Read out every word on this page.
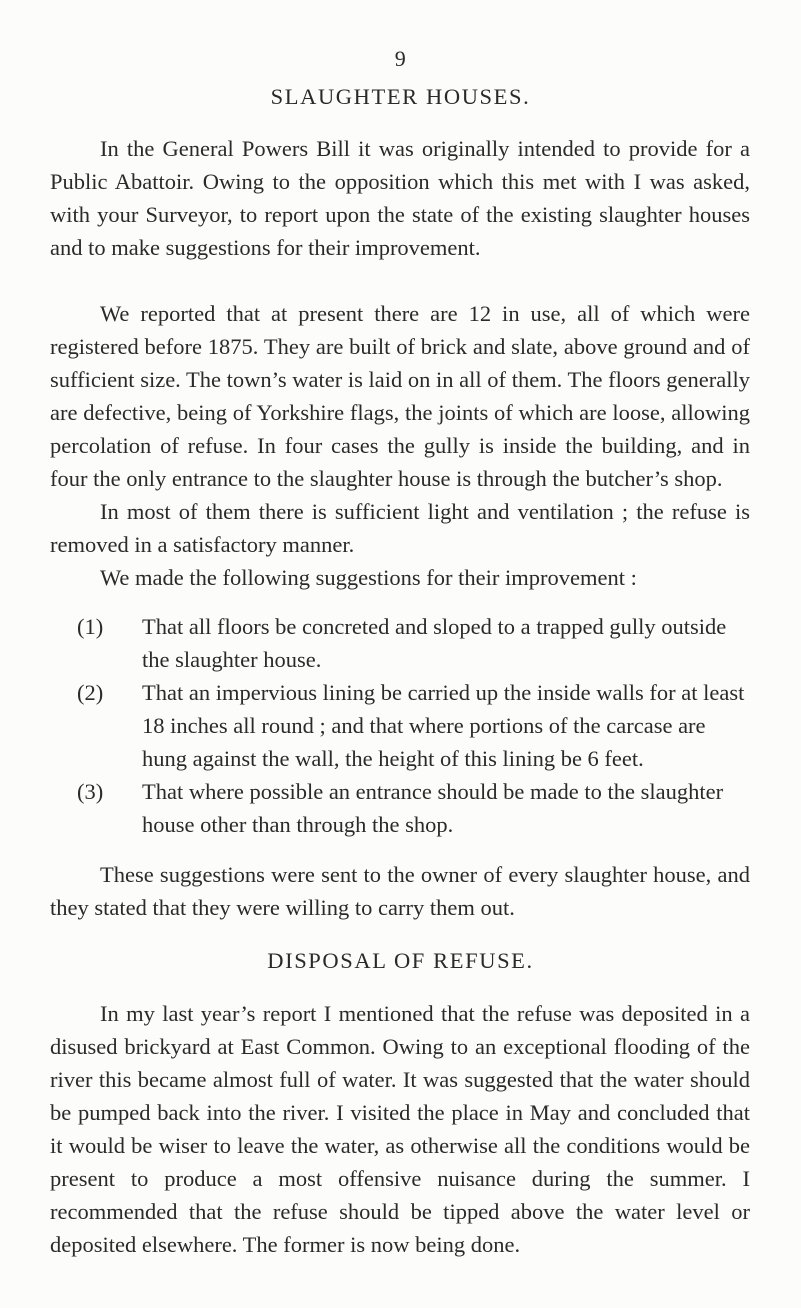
9
SLAUGHTER HOUSES.

In the General Powers Bill it was originally intended to provide for a Public Abattoir. Owing to the opposition which this met with I was asked, with your Surveyor, to report upon the state of the existing slaughter houses and to make suggestions for their improvement.

We reported that at present there are 12 in use, all of which were registered before 1875. They are built of brick and slate, above ground and of sufficient size. The town’s water is laid on in all of them. The floors generally are defective, being of Yorkshire flags, the joints of which are loose, allowing percolation of refuse. In four cases the gully is inside the building, and in four the only entrance to the slaughter house is through the butcher’s shop.

In most of them there is sufficient light and ventilation ; the refuse is removed in a satisfactory manner.

We made the following suggestions for their improvement :

(1) That all floors be concreted and sloped to a trapped gully outside the slaughter house.
(2) That an impervious lining be carried up the inside walls for at least 18 inches all round ; and that where portions of the carcase are hung against the wall, the height of this lining be 6 feet.
(3) That where possible an entrance should be made to the slaughter house other than through the shop.

These suggestions were sent to the owner of every slaughter house, and they stated that they were willing to carry them out.

DISPOSAL OF REFUSE.

In my last year’s report I mentioned that the refuse was deposited in a disused brickyard at East Common. Owing to an exceptional flooding of the river this became almost full of water. It was suggested that the water should be pumped back into the river. I visited the place in May and concluded that it would be wiser to leave the water, as otherwise all the conditions would be present to produce a most offensive nuisance during the summer. I recommended that the refuse should be tipped above the water level or deposited elsewhere. The former is now being done.
